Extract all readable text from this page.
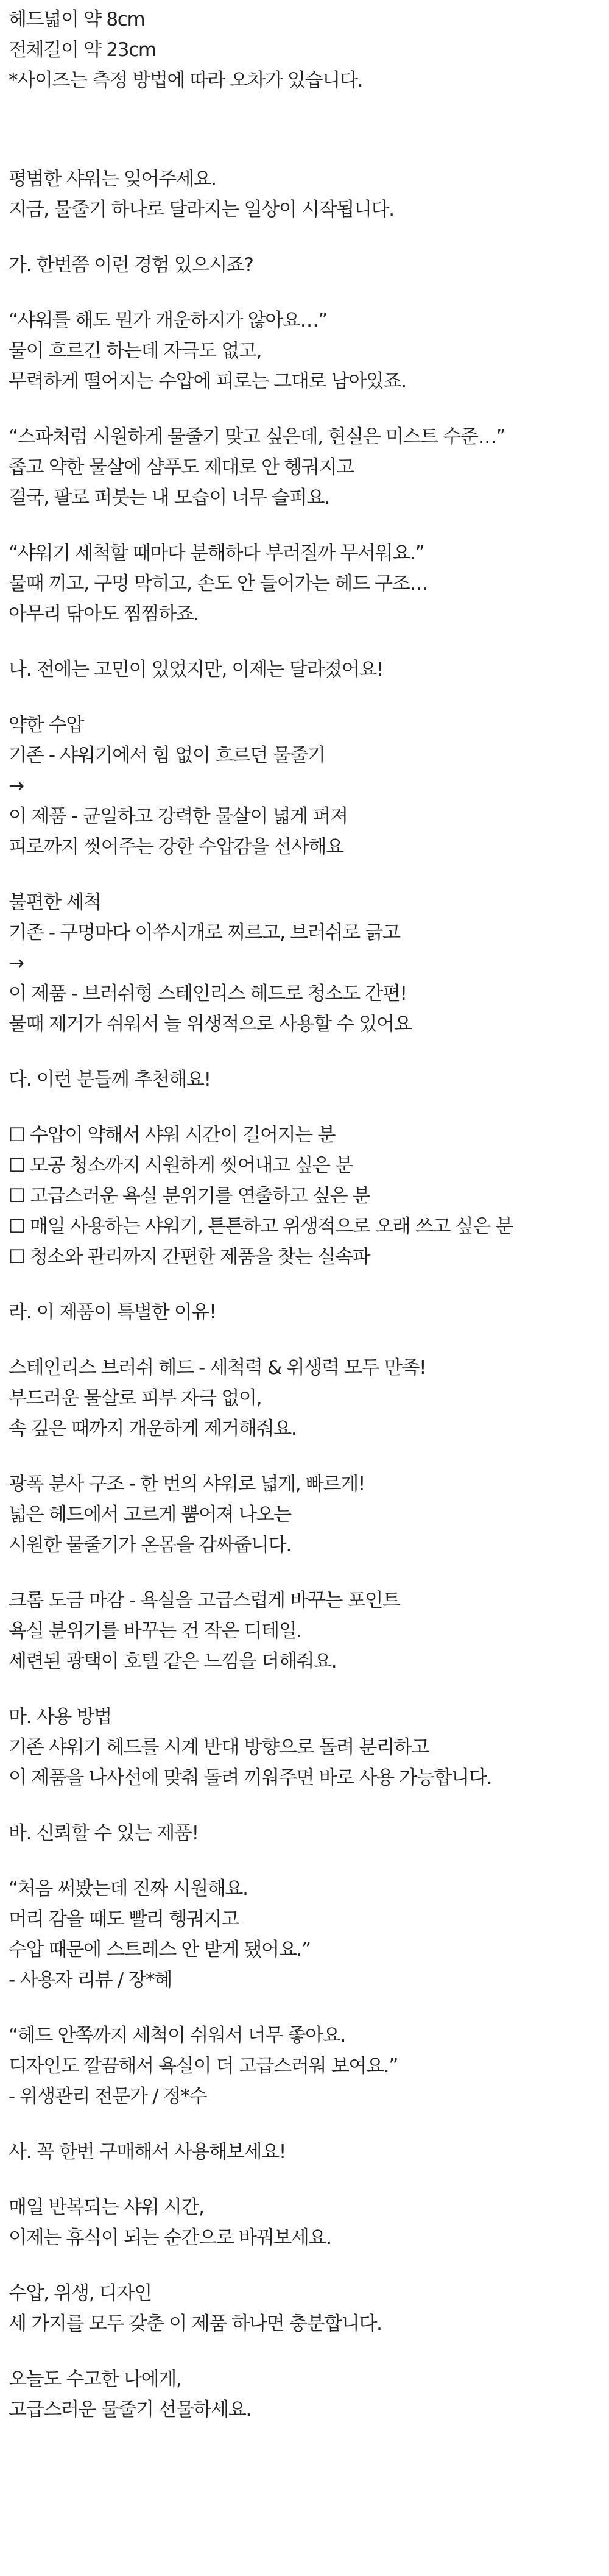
헤드넓이 약 8cm
전체길이 약 23cm
*사이즈는 측정 방법에 따라 오차가 있습니다.
평범한 샤워는 잊어주세요.
지금, 물줄기 하나로 달라지는 일상이 시작됩니다.
가. 한번쯤 이런 경험 있으시죠?
“샤워를 해도 뭔가 개운하지가 않아요…”
물이 흐르긴 하는데 자극도 없고,
무력하게 떨어지는 수압에 피로는 그대로 남아있죠.
“스파처럼 시원하게 물줄기 맞고 싶은데, 현실은 미스트 수준…”
좁고 약한 물살에 샴푸도 제대로 안 헹궈지고
결국, 팔로 퍼붓는 내 모습이 너무 슬퍼요.
“샤워기 세척할 때마다 분해하다 부러질까 무서워요.”
물때 끼고, 구멍 막히고, 손도 안 들어가는 헤드 구조…
아무리 닦아도 찜찜하죠.
나. 전에는 고민이 있었지만, 이제는 달라졌어요!
약한 수압
기존 - 샤워기에서 힘 없이 흐르던 물줄기
→
이 제품 - 균일하고 강력한 물살이 넓게 퍼져
피로까지 씻어주는 강한 수압감을 선사해요
불편한 세척
기존 - 구멍마다 이쑤시개로 찌르고, 브러쉬로 긁고
→
이 제품 - 브러쉬형 스테인리스 헤드로 청소도 간편!
물때 제거가 쉬워서 늘 위생적으로 사용할 수 있어요
다. 이런 분들께 추천해요!
☐ 수압이 약해서 샤워 시간이 길어지는 분
☐ 모공 청소까지 시원하게 씻어내고 싶은 분
☐ 고급스러운 욕실 분위기를 연출하고 싶은 분
☐ 매일 사용하는 샤워기, 튼튼하고 위생적으로 오래 쓰고 싶은 분
☐ 청소와 관리까지 간편한 제품을 찾는 실속파
라. 이 제품이 특별한 이유!
스테인리스 브러쉬 헤드 - 세척력 & 위생력 모두 만족!
부드러운 물살로 피부 자극 없이,
속 깊은 때까지 개운하게 제거해줘요.
광폭 분사 구조 - 한 번의 샤워로 넓게, 빠르게!
넓은 헤드에서 고르게 뿜어져 나오는
시원한 물줄기가 온몸을 감싸줍니다.
크롬 도금 마감 - 욕실을 고급스럽게 바꾸는 포인트
욕실 분위기를 바꾸는 건 작은 디테일.
세련된 광택이 호텔 같은 느낌을 더해줘요.
마. 사용 방법
기존 샤워기 헤드를 시계 반대 방향으로 돌려 분리하고
이 제품을 나사선에 맞춰 돌려 끼워주면 바로 사용 가능합니다.
바. 신뢰할 수 있는 제품!
“처음 써봤는데 진짜 시원해요.
머리 감을 때도 빨리 헹궈지고
수압 때문에 스트레스 안 받게 됐어요.”
- 사용자 리뷰 / 장*혜
“헤드 안쪽까지 세척이 쉬워서 너무 좋아요.
디자인도 깔끔해서 욕실이 더 고급스러워 보여요.”
- 위생관리 전문가 / 정*수
사. 꼭 한번 구매해서 사용해보세요!
매일 반복되는 샤워 시간,
이제는 휴식이 되는 순간으로 바꿔보세요.
수압, 위생, 디자인
세 가지를 모두 갖춘 이 제품 하나면 충분합니다.
오늘도 수고한 나에게,
고급스러운 물줄기 선물하세요.
